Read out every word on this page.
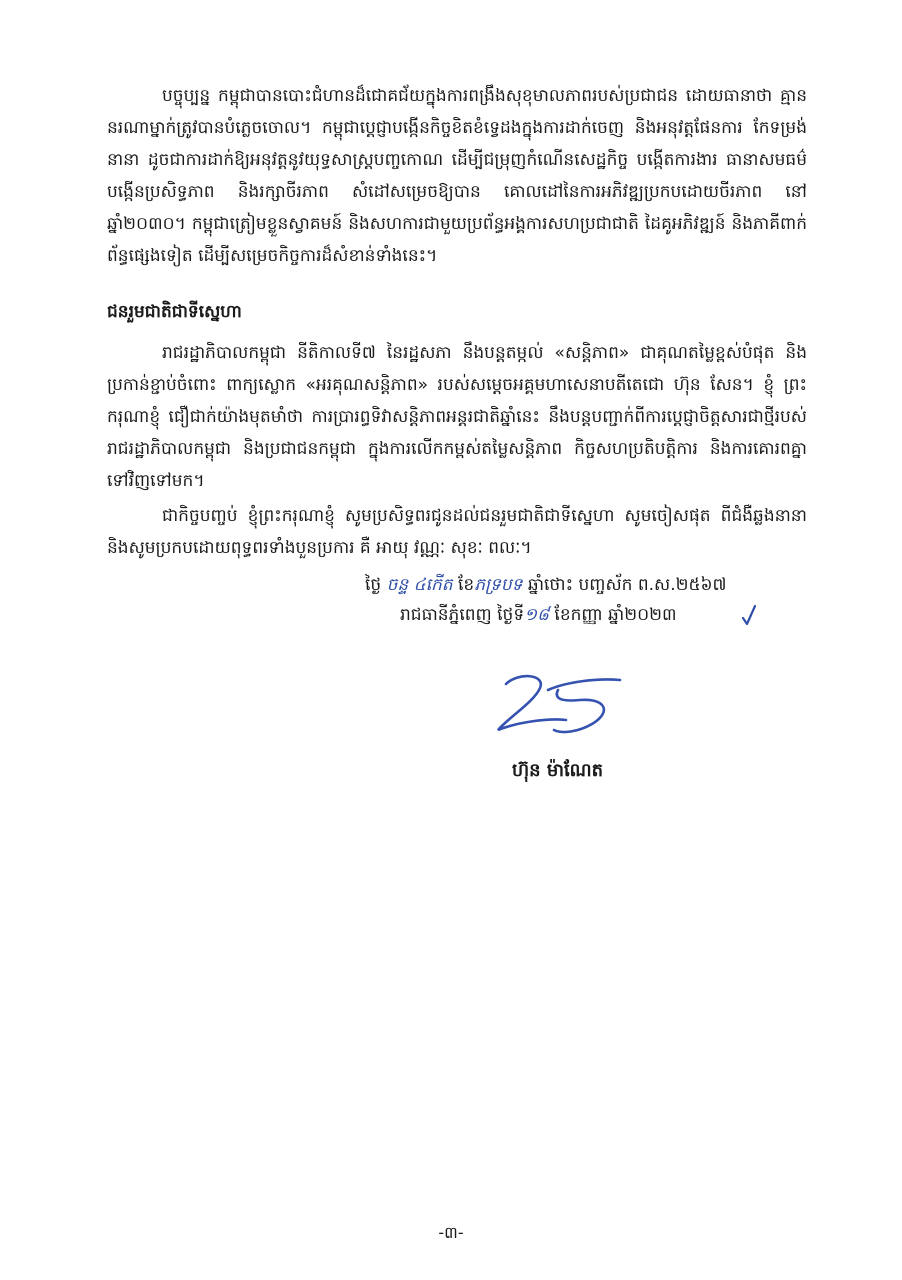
បច្ចុប្បន្ន កម្ពុជាបានបោះជំហានដ៏ជោគជ័យក្នុងការពង្រឹងសុខុមាលភាពរបស់ប្រជាជន ដោយធានាថា គ្មាននរណាម្នាក់ត្រូវបានបំភ្លេចចោល។ កម្ពុជាប្ដេជ្ញាបង្កើនកិច្ចខិតខំទ្វេដងក្នុងការដាក់ចេញ និងអនុវត្តផែនការ កែទម្រង់នានា ដូចជាការដាក់ឱ្យអនុវត្តនូវយុទ្ធសាស្ត្របញ្ចកោណ ដើម្បីជម្រុញកំណើនសេដ្ឋកិច្ច បង្កើតការងារ ធានាសមធម៌ បង្កើនប្រសិទ្ធភាព និងរក្សាចីរភាព សំដៅសម្រេចឱ្យបាន គោលដៅនៃការអភិវឌ្ឍប្រកបដោយចីរភាព នៅឆ្នាំ២០៣០។ កម្ពុជាត្រៀមខ្លួនស្វាគមន៍ និងសហការជាមួយប្រព័ន្ធអង្គការសហប្រជាជាតិ ដៃគូអភិវឌ្ឍន៍ និងភាគីពាក់ព័ន្ធផ្សេងទៀត ដើម្បីសម្រេចកិច្ចការដ៏សំខាន់ទាំងនេះ។

ជនរួមជាតិជាទីស្នេហា

រាជរដ្ឋាភិបាលកម្ពុជា នីតិកាលទី៧ នៃរដ្ឋសភា នឹងបន្តតម្កល់ «សន្តិភាព» ជាគុណតម្លៃខ្ពស់បំផុត និងប្រកាន់ខ្ជាប់ចំពោះ ពាក្យស្លោក «អរគុណសន្តិភាព» របស់សម្ដេចអគ្គមហាសេនាបតីតេជោ ហ៊ុន សែន។ ខ្ញុំ ព្រះករុណាខ្ញុំ ជឿជាក់យ៉ាងមុតមាំថា ការប្រារព្ធទិវាសន្តិភាពអន្តរជាតិឆ្នាំនេះ នឹងបន្តបញ្ជាក់ពីការប្ដេជ្ញាចិត្តសារជាថ្មីរបស់រាជរដ្ឋាភិបាលកម្ពុជា និងប្រជាជនកម្ពុជា ក្នុងការលើកកម្ពស់តម្លៃសន្តិភាព កិច្ចសហប្រតិបត្តិការ និងការគោរពគ្នាទៅវិញទៅមក។

ជាកិច្ចបញ្ចប់ ខ្ញុំព្រះករុណាខ្ញុំ សូមប្រសិទ្ធពរជូនដល់ជនរួមជាតិជាទីស្នេហា សូមចៀសផុត ពីជំងឺឆ្លងនានា និងសូមប្រកបដោយពុទ្ធពរទាំងបួនប្រការ គឺ អាយុ វណ្ណៈ សុខៈ ពលៈ។

ថ្ងៃ ចន្ទ ៤កើត ខែភទ្របទ ឆ្នាំថោះ បញ្ចស័ក ព.ស.២៥៦៧

រាជធានីភ្នំពេញ ថ្ងៃទី១៨ ខែកញ្ញា ឆ្នាំ២០២៣

ហ៊ុន ម៉ាណែត

-៣-
